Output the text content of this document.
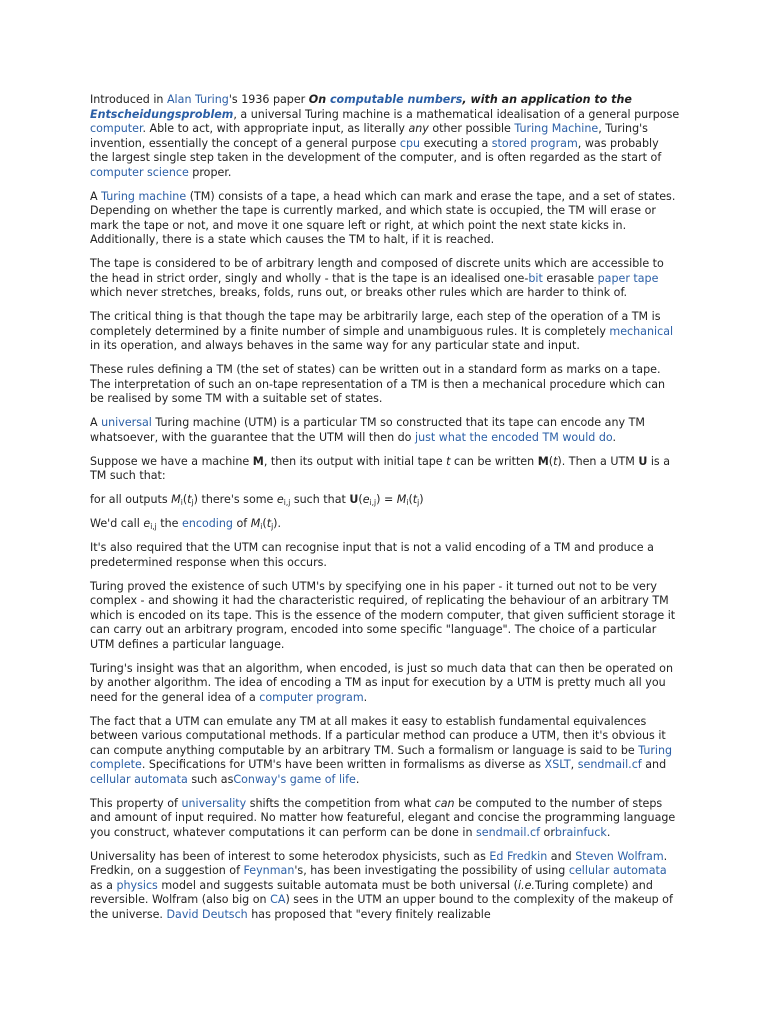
Introduced in Alan Turing's 1936 paper On computable numbers, with an application to the Entscheidungsproblem, a universal Turing machine is a mathematical idealisation of a general purpose computer. Able to act, with appropriate input, as literally any other possible Turing Machine, Turing's invention, essentially the concept of a general purpose cpu executing a stored program, was probably the largest single step taken in the development of the computer, and is often regarded as the start of computer science proper.

A Turing machine (TM) consists of a tape, a head which can mark and erase the tape, and a set of states. Depending on whether the tape is currently marked, and which state is occupied, the TM will erase or mark the tape or not, and move it one square left or right, at which point the next state kicks in. Additionally, there is a state which causes the TM to halt, if it is reached.

The tape is considered to be of arbitrary length and composed of discrete units which are accessible to the head in strict order, singly and wholly - that is the tape is an idealised one-bit erasable paper tape which never stretches, breaks, folds, runs out, or breaks other rules which are harder to think of.

The critical thing is that though the tape may be arbitrarily large, each step of the operation of a TM is completely determined by a finite number of simple and unambiguous rules. It is completely mechanical in its operation, and always behaves in the same way for any particular state and input.

These rules defining a TM (the set of states) can be written out in a standard form as marks on a tape. The interpretation of such an on-tape representation of a TM is then a mechanical procedure which can be realised by some TM with a suitable set of states.

A universal Turing machine (UTM) is a particular TM so constructed that its tape can encode any TM whatsoever, with the guarantee that the UTM will then do just what the encoded TM would do.

Suppose we have a machine M, then its output with initial tape t can be written M(t). Then a UTM U is a TM such that:

for all outputs $M_i(t_j)$ there's some $e_{i,j}$ such that $U(e_{i,j}) = M_i(t_j)$

We'd call $e_{i,j}$ the encoding of $M_i(t_j)$.

It's also required that the UTM can recognise input that is not a valid encoding of a TM and produce a predetermined response when this occurs.

Turing proved the existence of such UTM's by specifying one in his paper - it turned out not to be very complex - and showing it had the characteristic required, of replicating the behaviour of an arbitrary TM which is encoded on its tape. This is the essence of the modern computer, that given sufficient storage it can carry out an arbitrary program, encoded into some specific "language". The choice of a particular UTM defines a particular language.

Turing's insight was that an algorithm, when encoded, is just so much data that can then be operated on by another algorithm. The idea of encoding a TM as input for execution by a UTM is pretty much all you need for the general idea of a computer program.

The fact that a UTM can emulate any TM at all makes it easy to establish fundamental equivalences between various computational methods. If a particular method can produce a UTM, then it's obvious it can compute anything computable by an arbitrary TM. Such a formalism or language is said to be Turing complete. Specifications for UTM's have been written in formalisms as diverse as XSLT, sendmail.cf and cellular automata such asConway's game of life.

This property of universality shifts the competition from what can be computed to the number of steps and amount of input required. No matter how featureful, elegant and concise the programming language you construct, whatever computations it can perform can be done in sendmail.cf orbrainfuck.

Universality has been of interest to some heterodox physicists, such as Ed Fredkin and Steven Wolfram. Fredkin, on a suggestion of Feynman's, has been investigating the possibility of using cellular automata as a physics model and suggests suitable automata must be both universal (i.e.Turing complete) and reversible. Wolfram (also big on CA) sees in the UTM an upper bound to the complexity of the makeup of the universe. David Deutsch has proposed that "every finitely realizable
